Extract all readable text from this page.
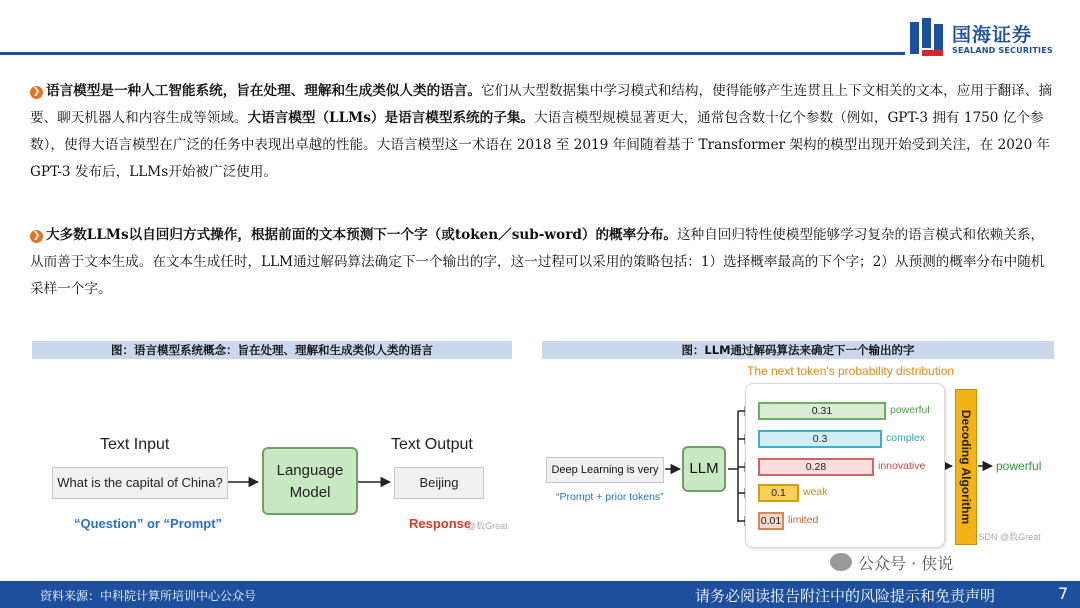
国海证券
SEALAND SECURITIES
❯ 语言模型是一种人工智能系统，旨在处理、理解和生成类似人类的语言。它们从大型数据集中学习模式和结构，使得能够产生连贯且上下文相关的文本，应用于翻译、摘要、聊天机器人和内容生成等领域。大语言模型（LLMs）是语言模型系统的子集。大语言模型规模显著更大，通常包含数十亿个参数（例如，GPT-3 拥有 1750 亿个参数），使得大语言模型在广泛的任务中表现出卓越的性能。大语言模型这一术语在 2018 至 2019 年间随着基于 Transformer 架构的模型出现开始受到关注，在 2020 年 GPT-3 发布后，LLMs开始被广泛使用。
❯ 大多数LLMs以自回归方式操作，根据前面的文本预测下一个字（或token／sub-word）的概率分布。这种自回归特性使模型能够学习复杂的语言模式和依赖关系，从而善于文本生成。在文本生成任时，LLM通过解码算法确定下一个输出的字，这一过程可以采用的策略包括：1）选择概率最高的下个字；2）从预测的概率分布中随机采样一个字。
图：语言模型系统概念：旨在处理、理解和生成类似人类的语言	图：LLM通过解码算法来确定下一个输出的字
Text Input
What is the capital of China?
“Question” or “Prompt”
Language
Model
Text Output
Beijing
Response
@数Great
The next token's probability distribution
Deep Learning is very
“Prompt + prior tokens”
LLM
0.31	powerful
0.3	complex
0.28	innovative
0.1	weak
0.01 limited	Decoding Algorithm powerful
CSDN @数Great
公众号 · 侠说
资料来源：中科院计算所培训中心公众号	请务必阅读报告附注中的风险提示和免责声明	7
